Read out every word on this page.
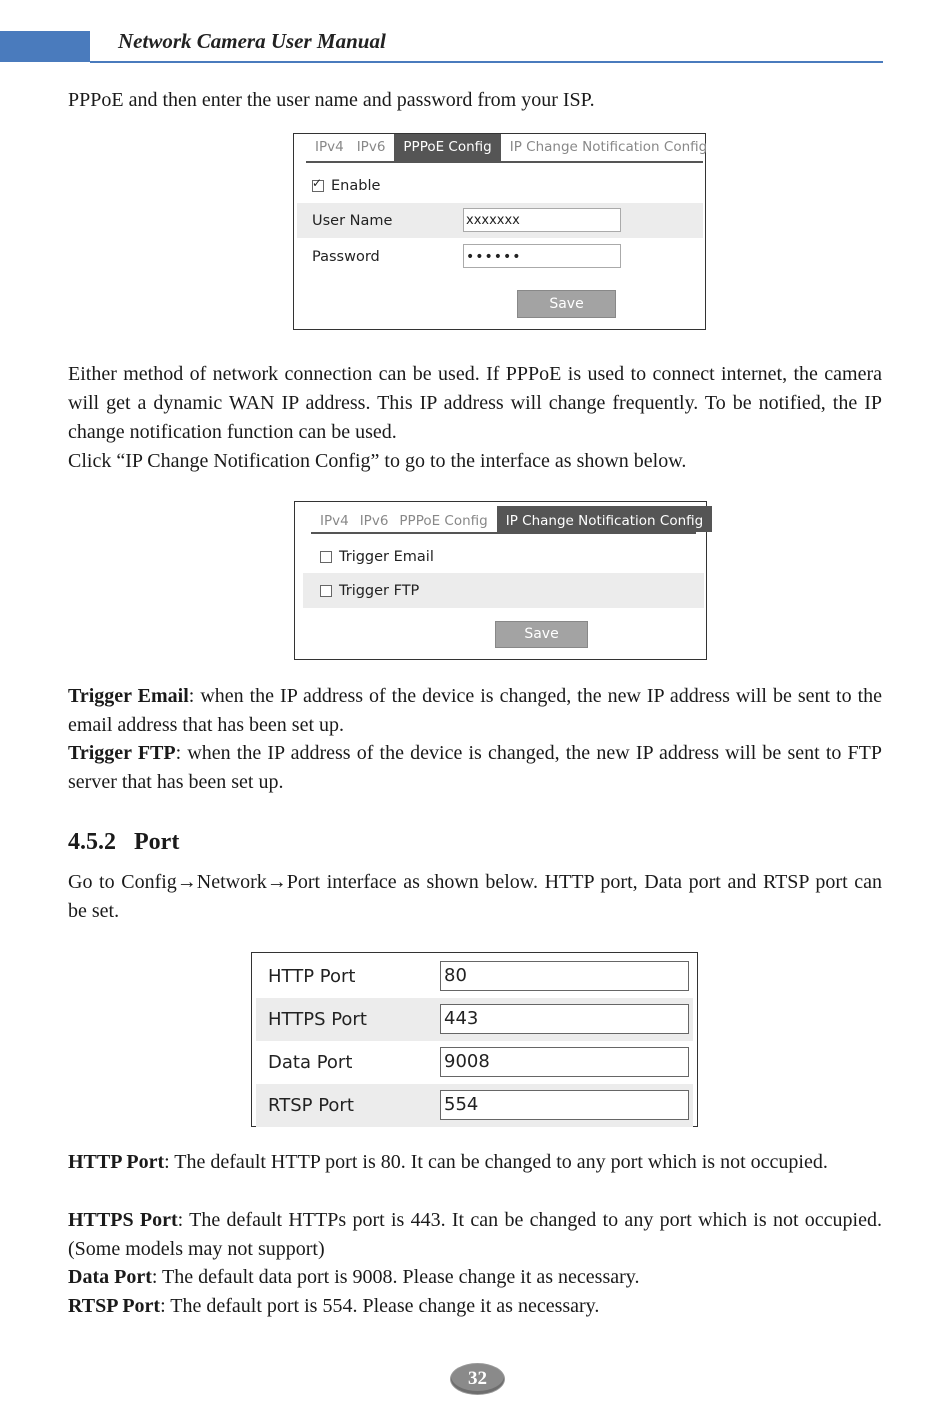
Network Camera User Manual

PPPoE and then enter the user name and password from your ISP.

IPv4 IPv6	PPPoE Config	IP Change Notification Config
✓
Enable
User Name	xxxxxxx
Password	••••••
Save

Either method of network connection can be used. If PPPoE is used to connect internet, the camera will get a dynamic WAN IP address. This IP address will change frequently. To be notified, the IP change notification function can be used.

Click “IP Change Notification Config” to go to the interface as shown below.

IPv4 IPv6 PPPoE Config	IP Change Notification Config
Trigger Email
Trigger FTP
Save

Trigger Email: when the IP address of the device is changed, the new IP address will be sent to the email address that has been set up.

Trigger FTP: when the IP address of the device is changed, the new IP address will be sent to FTP server that has been set up.

4.5.2 Port

Go to Config→Network→Port interface as shown below. HTTP port, Data port and RTSP port can be set.

HTTP Port	80
HTTPS Port	443
Data Port	9008
RTSP Port	554

HTTP Port: The default HTTP port is 80. It can be changed to any port which is not occupied.

HTTPS Port: The default HTTPs port is 443. It can be changed to any port which is not occupied. (Some models may not support)

Data Port: The default data port is 9008. Please change it as necessary.

RTSP Port: The default port is 554. Please change it as necessary.

32
